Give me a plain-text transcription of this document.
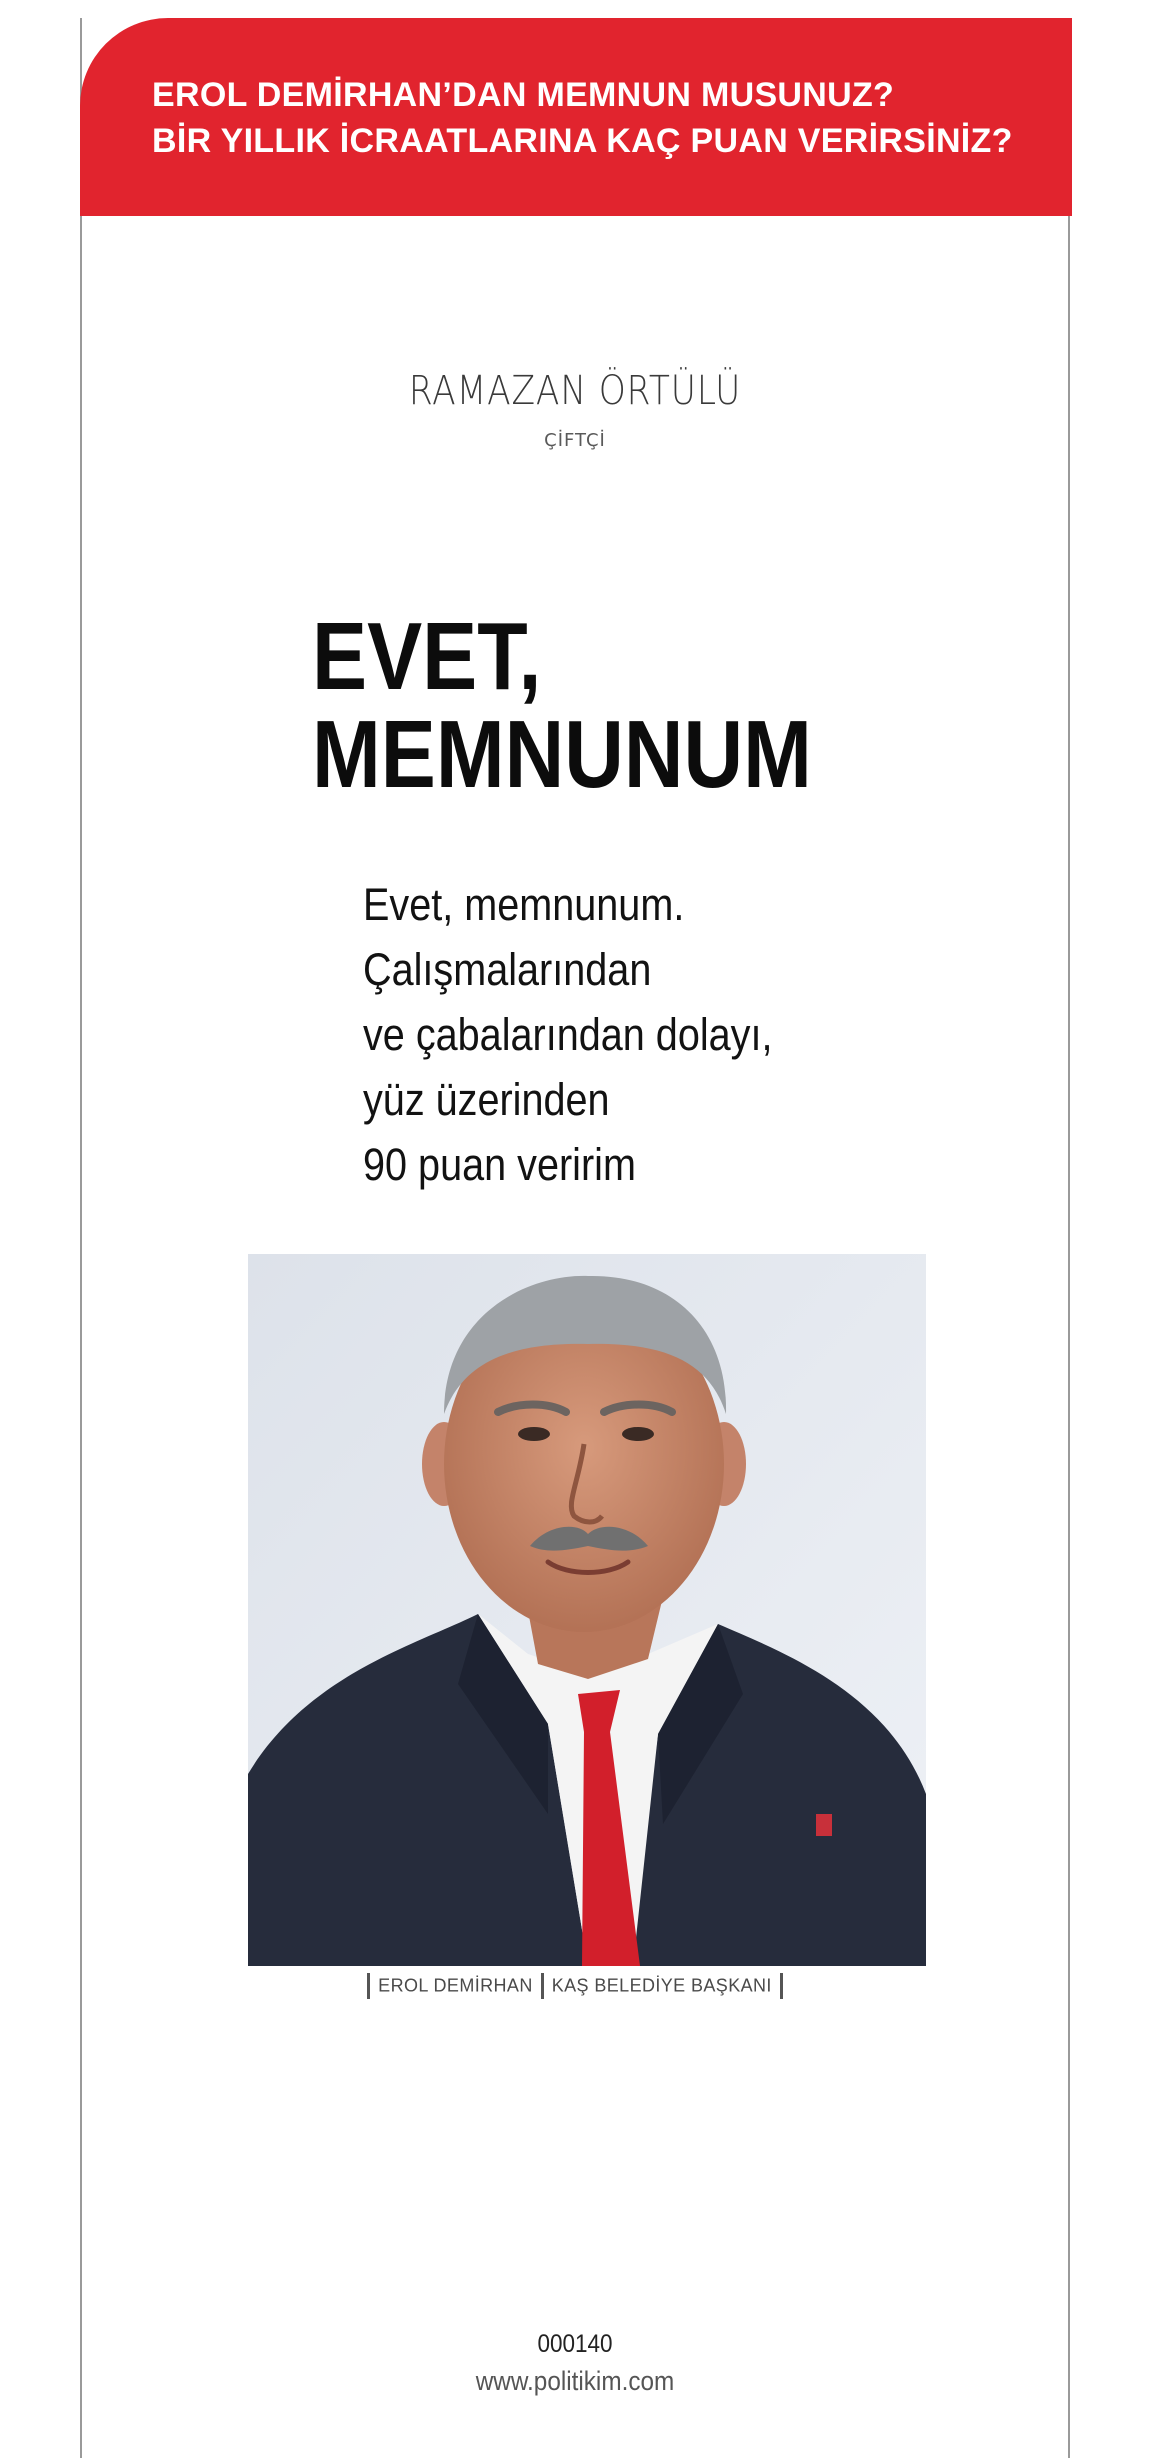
EROL DEMİRHAN’DAN MEMNUN MUSUNUZ?
BİR YILLIK İCRAATLARINA KAÇ PUAN VERİRSİNİZ?
RAMAZAN ÖRTÜLÜ
ÇİFTÇİ
EVET,
MEMNUNUM
Evet, memnunum.
Çalışmalarından
ve çabalarından dolayı,
yüz üzerinden
90 puan veririm
EROL DEMİRHAN KAŞ BELEDİYE BAŞKANI
000140
www.politikim.com
